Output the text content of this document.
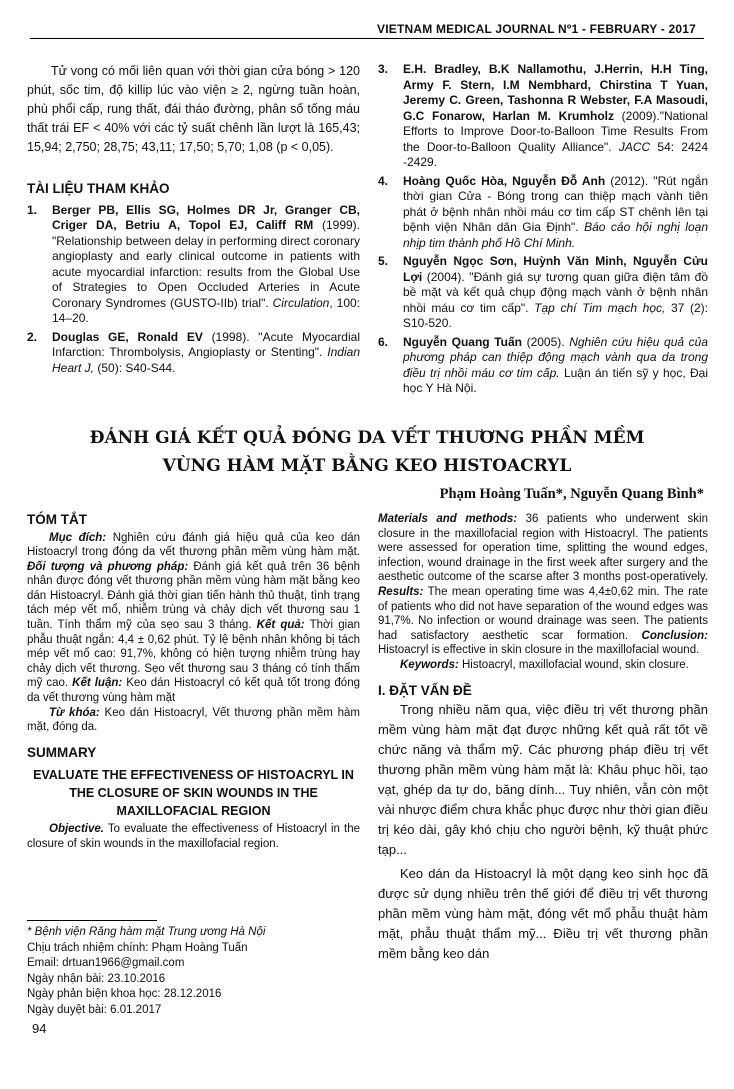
VIETNAM MEDICAL JOURNAL Nº1 - FEBRUARY - 2017

Tử vong có mối liên quan với thời gian cửa bóng > 120 phút, sốc tim, độ killip lúc vào viện ≥ 2, ngừng tuần hoàn, phù phổi cấp, rung thất, đái tháo đường, phân số tống máu thất trái EF < 40% với các tỷ suất chênh lần lượt là 165,43; 15,94; 2,750; 28,75; 43,11; 17,50; 5,70; 1,08 (p < 0,05).

TÀI LIỆU THAM KHẢO
1.	Berger PB, Ellis SG, Holmes DR Jr, Granger CB, Criger DA, Betriu A, Topol EJ, Califf RM (1999). "Relationship between delay in performing direct coronary angioplasty and early clinical outcome in patients with acute myocardial infarction: results from the Global Use of Strategies to Open Occluded Arteries in Acute Coronary Syndromes (GUSTO-IIb) trial". Circulation, 100: 14–20.
2.	Douglas GE, Ronald EV (1998). "Acute Myocardial Infarction: Thrombolysis, Angioplasty or Stenting". Indian Heart J, (50): S40-S44.
3.	E.H. Bradley, B.K Nallamothu, J.Herrin, H.H Ting, Army F. Stern, I.M Nembhard, Chirstina T Yuan, Jeremy C. Green, Tashonna R Webster, F.A Masoudi, G.C Fonarow, Harlan M. Krumholz (2009)."National Efforts to Improve Door-to-Balloon Time Results From the Door-to-Balloon Quality Alliance". JACC 54: 2424 -2429.
4.	Hoàng Quốc Hòa, Nguyễn Đỗ Anh (2012). "Rút ngắn thời gian Cửa - Bóng trong can thiệp mạch vành tiên phát ở bệnh nhân nhồi máu cơ tim cấp ST chênh lên tại bệnh viện Nhân dân Gia Định". Báo cáo hội nghị loạn nhịp tim thành phố Hồ Chí Minh.
5.	Nguyễn Ngọc Sơn, Huỳnh Văn Minh, Nguyễn Cửu Lợi (2004). "Đánh giá sự tương quan giữa điện tâm đồ bề mặt và kết quả chụp động mạch vành ở bệnh nhân nhồi máu cơ tim cấp". Tạp chí Tim mạch học, 37 (2): S10-520.
6.	Nguyễn Quang Tuấn (2005). Nghiên cứu hiệu quả của phương pháp can thiệp động mạch vành qua da trong điều trị nhồi máu cơ tim cấp. Luận án tiến sỹ y học, Đại học Y Hà Nội.
ĐÁNH GIÁ KẾT QUẢ ĐÓNG DA VẾT THƯƠNG PHẦN MỀM
VÙNG HÀM MẶT BẰNG KEO HISTOACRYL
Phạm Hoàng Tuấn*, Nguyễn Quang Bình*
TÓM TẮT

Mục đích: Nghiên cứu đánh giá hiệu quả của keo dán Histoacryl trong đóng da vết thương phần mềm vùng hàm mặt. Đối tượng và phương pháp: Đánh giá kết quả trên 36 bệnh nhân được đóng vết thương phần mềm vùng hàm mặt bằng keo dán Histoacryl. Đánh giá thời gian tiến hành thủ thuật, tình trạng tách mép vết mổ, nhiễm trùng và chảy dịch vết thương sau 1 tuần. Tính thẩm mỹ của sẹo sau 3 tháng. Kết quả: Thời gian phẫu thuật ngắn: 4,4 ± 0,62 phút. Tỷ lệ bệnh nhân không bị tách mép vết mổ cao: 91,7%, không có hiện tượng nhiễm trùng hay chảy dịch vết thương. Sẹo vết thương sau 3 tháng có tính thẩm mỹ cao. Kết luận: Keo dán Histoacryl có kết quả tốt trong đóng da vết thương vùng hàm mặt

Từ khóa: Keo dán Histoacryl, Vết thương phần mềm hàm mặt, đóng da.

SUMMARY
EVALUATE THE EFFECTIVENESS OF HISTOACRYL IN THE CLOSURE OF SKIN WOUNDS IN THE MAXILLOFACIAL REGION

Objective. To evaluate the effectiveness of Histoacryl in the closure of skin wounds in the maxillofacial region.

Materials and methods: 36 patients who underwent skin closure in the maxillofacial region with Histoacryl. The patients were assessed for operation time, splitting the wound edges, infection, wound drainage in the first week after surgery and the aesthetic outcome of the scarse after 3 months post-operatively. Results: The mean operating time was 4,4±0,62 min. The rate of patients who did not have separation of the wound edges was 91,7%. No infection or wound drainage was seen. The patients had satisfactory aesthetic scar formation. Conclusion: Histoacryl is effective in skin closure in the maxillofacial wound.

Keywords: Histoacryl, maxillofacial wound, skin closure.

I. ĐẶT VẤN ĐỀ

Trong nhiều năm qua, việc điều trị vết thương phần mềm vùng hàm mặt đạt được những kết quả rất tốt về chức năng và thẩm mỹ. Các phương pháp điều trị vết thương phần mềm vùng hàm mặt là: Khâu phục hồi, tạo vạt, ghép da tự do, băng dính... Tuy nhiên, vẫn còn một vài nhược điểm chưa khắc phục được như thời gian điều trị kéo dài, gây khó chịu cho người bệnh, kỹ thuật phức tạp...

Keo dán da Histoacryl là một dạng keo sinh học đã được sử dụng nhiều trên thế giới để điều trị vết thương phần mềm vùng hàm mặt, đóng vết mổ phẫu thuật hàm mặt, phẫu thuật thẩm mỹ... Điều trị vết thương phần mềm bằng keo dán

* Bệnh viện Răng hàm mặt Trung ương Hà Nội
Chịu trách nhiệm chính: Phạm Hoàng Tuấn
Email: drtuan1966@gmail.com
Ngày nhận bài: 23.10.2016
Ngày phản biện khoa học: 28.12.2016
Ngày duyệt bài: 6.01.2017
94
